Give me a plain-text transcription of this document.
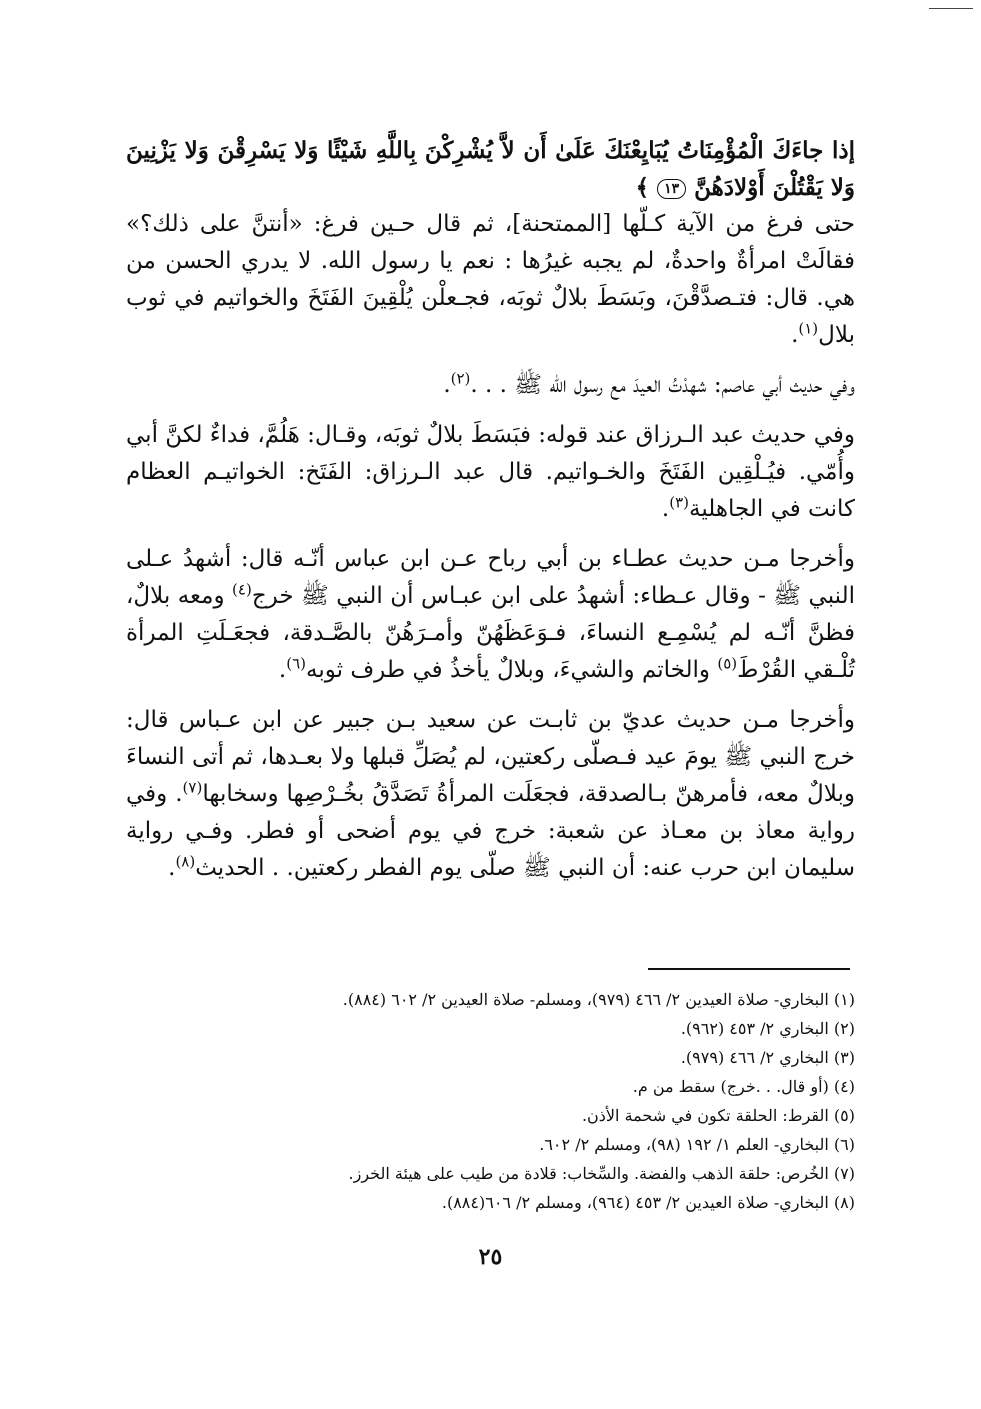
إذا جاءَكَ الْمُؤْمِنَاتُ يُبَايِعْنَكَ عَلَىٰ أَن لاَّ يُشْرِكْنَ بِاللَّهِ شَيْئًا وَلا يَسْرِقْنَ وَلا يَزْنِينَ وَلا يَقْتُلْنَ أَوْلادَهُنَّ ١٣ ﴾

حتى فرغ من الآية كـلّها [الممتحنة]، ثم قال حـين فرغ: «أنتنَّ على ذلك؟» فقالَتْ امرأةٌ واحدةٌ، لم يجبه غيرُها : نعم يا رسول الله. لا يدري الحسن من هي. قال: فتـصدَّقْنَ، وبَسَطَ بلالٌ ثوبَه، فجـعلْن يُلْقِينَ الفَتَخَ والخواتيم في ثوب بلال$^{(١)}$.

وفي حديث أبي عاصم: شهدْتُ العيدَ مع رسول الله ﷺ . . .$^{(٢)}$.

وفي حديث عبد الـرزاق عند قوله: فبَسَطَ بلالٌ ثوبَه، وقـال: هَلُمَّ، فداءٌ لكنَّ أبي وأُمّي. فيُـلْقِين الفَتَخَ والخـواتيم. قال عبد الـرزاق: الفَتَخ: الخواتيـم العظام كانت في الجاهلية$^{(٣)}$.

وأخرجا مـن حديث عطـاء بن أبي رباح عـن ابن عباس أنّـه قال: أشهدُ عـلى النبي ﷺ - وقال عـطاء: أشهدُ على ابن عبـاس أن النبي ﷺ خرج$^{(٤)}$ ومعه بلالٌ، فظنَّ أنّـه لم يُسْمِـع النساءَ، فـوَعَظَهُنّ وأمـرَهُنّ بالصَّـدقة، فجعَـلَتِ المرأة تُلْـقي القُرْطَ$^{(٥)}$ والخاتم والشيءَ، وبلالٌ يأخذُ في طرف ثوبه$^{(٦)}$.

وأخرجا مـن حديث عديّ بن ثابـت عن سعيد بـن جبير عن ابن عـباس قال: خرج النبي ﷺ يومَ عيد فـصلّى ركعتين، لم يُصَلِّ قبلها ولا بعـدها، ثم أتى النساءَ وبلالٌ معه، فأمرهنّ بـالصدقة، فجعَلَت المرأةُ تَصَدَّقُ بخُـرْصِها وسخابها$^{(٧)}$. وفي رواية معاذ بن معـاذ عن شعبة: خرج في يوم أضحى أو فطر. وفـي رواية سليمان ابن حرب عنه: أن النبي ﷺ صلّى يوم الفطر ركعتين. . الحديث$^{(٨)}$.

(١) البخاري- صلاة العيدين ٢/ ٤٦٦ (٩٧٩)، ومسلم- صلاة العيدين ٢/ ٦٠٢ (٨٨٤).

(٢) البخاري ٢/ ٤٥٣ (٩٦٢).

(٣) البخاري ٢/ ٤٦٦ (٩٧٩).

(٤) (أو قال. . .خرج) سقط من م.

(٥) القرط: الحلقة تكون في شحمة الأذن.

(٦) البخاري- العلم ١/ ١٩٢ (٩٨)، ومسلم ٢/ ٦٠٢.

(٧) الخُرص: حلقة الذهب والفضة. والسِّخاب: قلادة من طيب على هيئة الخرز.

(٨) البخاري- صلاة العيدين ٢/ ٤٥٣ (٩٦٤)، ومسلم ٢/ ٦٠٦(٨٨٤).

٢٥
